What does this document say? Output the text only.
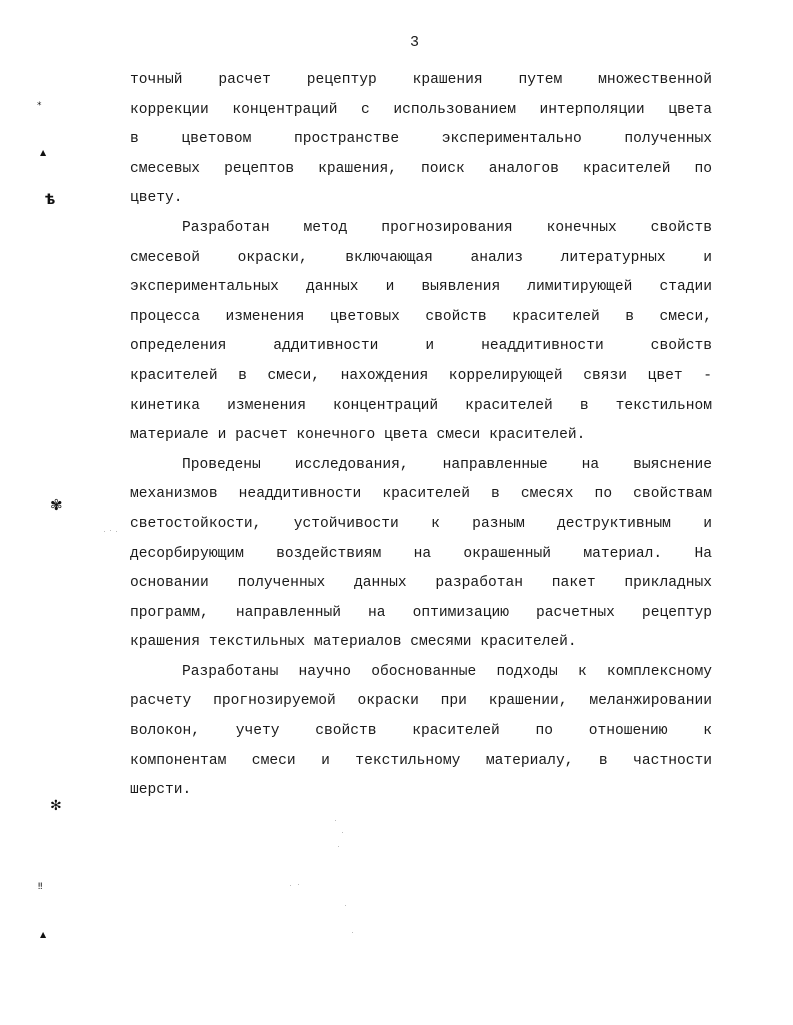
3
точный расчет рецептур крашения путем множественной
коррекции концентраций с использованием интерполяции цвета
в цветовом пространстве экспериментально полученных
смесевых рецептов крашения, поиск аналогов красителей по
цвету.
Разработан метод прогнозирования конечных свойств
смесевой окраски, включающая анализ литературных и
экспериментальных данных и выявления лимитирующей стадии
процесса изменения цветовых свойств красителей в смеси,
определения аддитивности и неаддитивности свойств
красителей в смеси, нахождения коррелирующей связи цвет -
кинетика изменения концентраций красителей в текстильном
материале и расчет конечного цвета смеси красителей.
Проведены исследования, направленные на выяснение
механизмов неаддитивности красителей в смесях по свойствам
светостойкости, устойчивости к разным деструктивным и
десорбирующим воздействиям на окрашенный материал. На
основании полученных данных разработан пакет прикладных
программ, направленный на оптимизацию расчетных рецептур
крашения текстильных материалов смесями красителей.
Разработаны научно обоснованные подходы к комплексному
расчету прогнозируемой окраски при крашении, меланжировании
волокон, учету свойств красителей по отношению к
компонентам смеси и текстильному материалу, в частности
шерсти.
⁎
▲
ѣ
✾
✻
‼
▲
